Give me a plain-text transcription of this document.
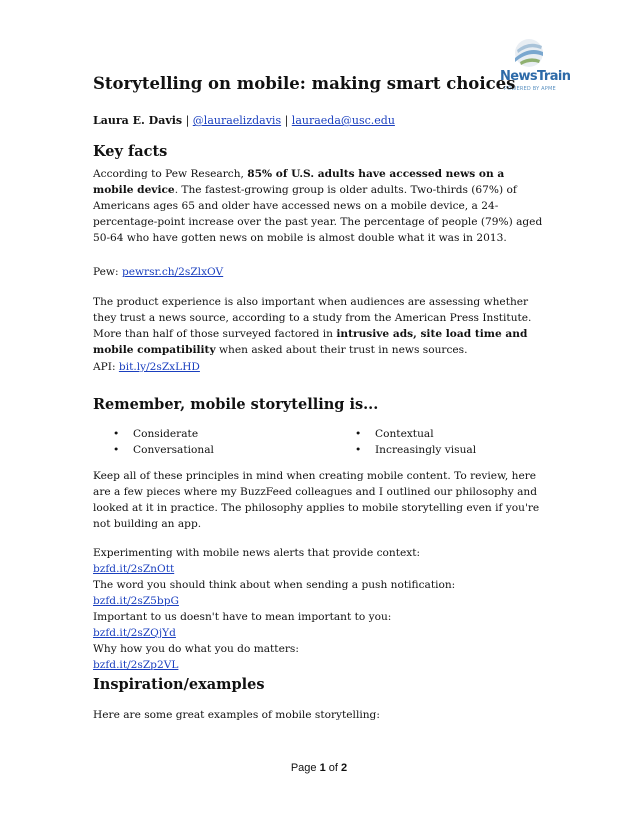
NewsTrain
POWERED BY APME
Storytelling on mobile: making smart choices
Laura E. Davis | @lauraelizdavis | lauraeda@usc.edu
Key facts

According to Pew Research, 85% of U.S. adults have accessed news on a mobile device. The fastest-growing group is older adults. Two-thirds (67%) of Americans ages 65 and older have accessed news on a mobile device, a 24-percentage-point increase over the past year. The percentage of people (79%) aged 50-64 who have gotten news on mobile is almost double what it was in 2013.

Pew: pewrsr.ch/2sZlxOV

The product experience is also important when audiences are assessing whether they trust a news source, according to a study from the American Press Institute. More than half of those surveyed factored in intrusive ads, site load time and mobile compatibility when asked about their trust in news sources.

API: bit.ly/2sZxLHD

Remember, mobile storytelling is...
• Considerate
• Conversational
• Contextual
• Increasingly visual

Keep all of these principles in mind when creating mobile content. To review, here are a few pieces where my BuzzFeed colleagues and I outlined our philosophy and looked at it in practice. The philosophy applies to mobile storytelling even if you're not building an app.

Experimenting with mobile news alerts that provide context:
bzfd.it/2sZnOtt
The word you should think about when sending a push notification:
bzfd.it/2sZ5bpG
Important to us doesn't have to mean important to you:
bzfd.it/2sZQjYd
Why how you do what you do matters:
bzfd.it/2sZp2VL
Inspiration/examples

Here are some great examples of mobile storytelling:

Page 1 of 2
